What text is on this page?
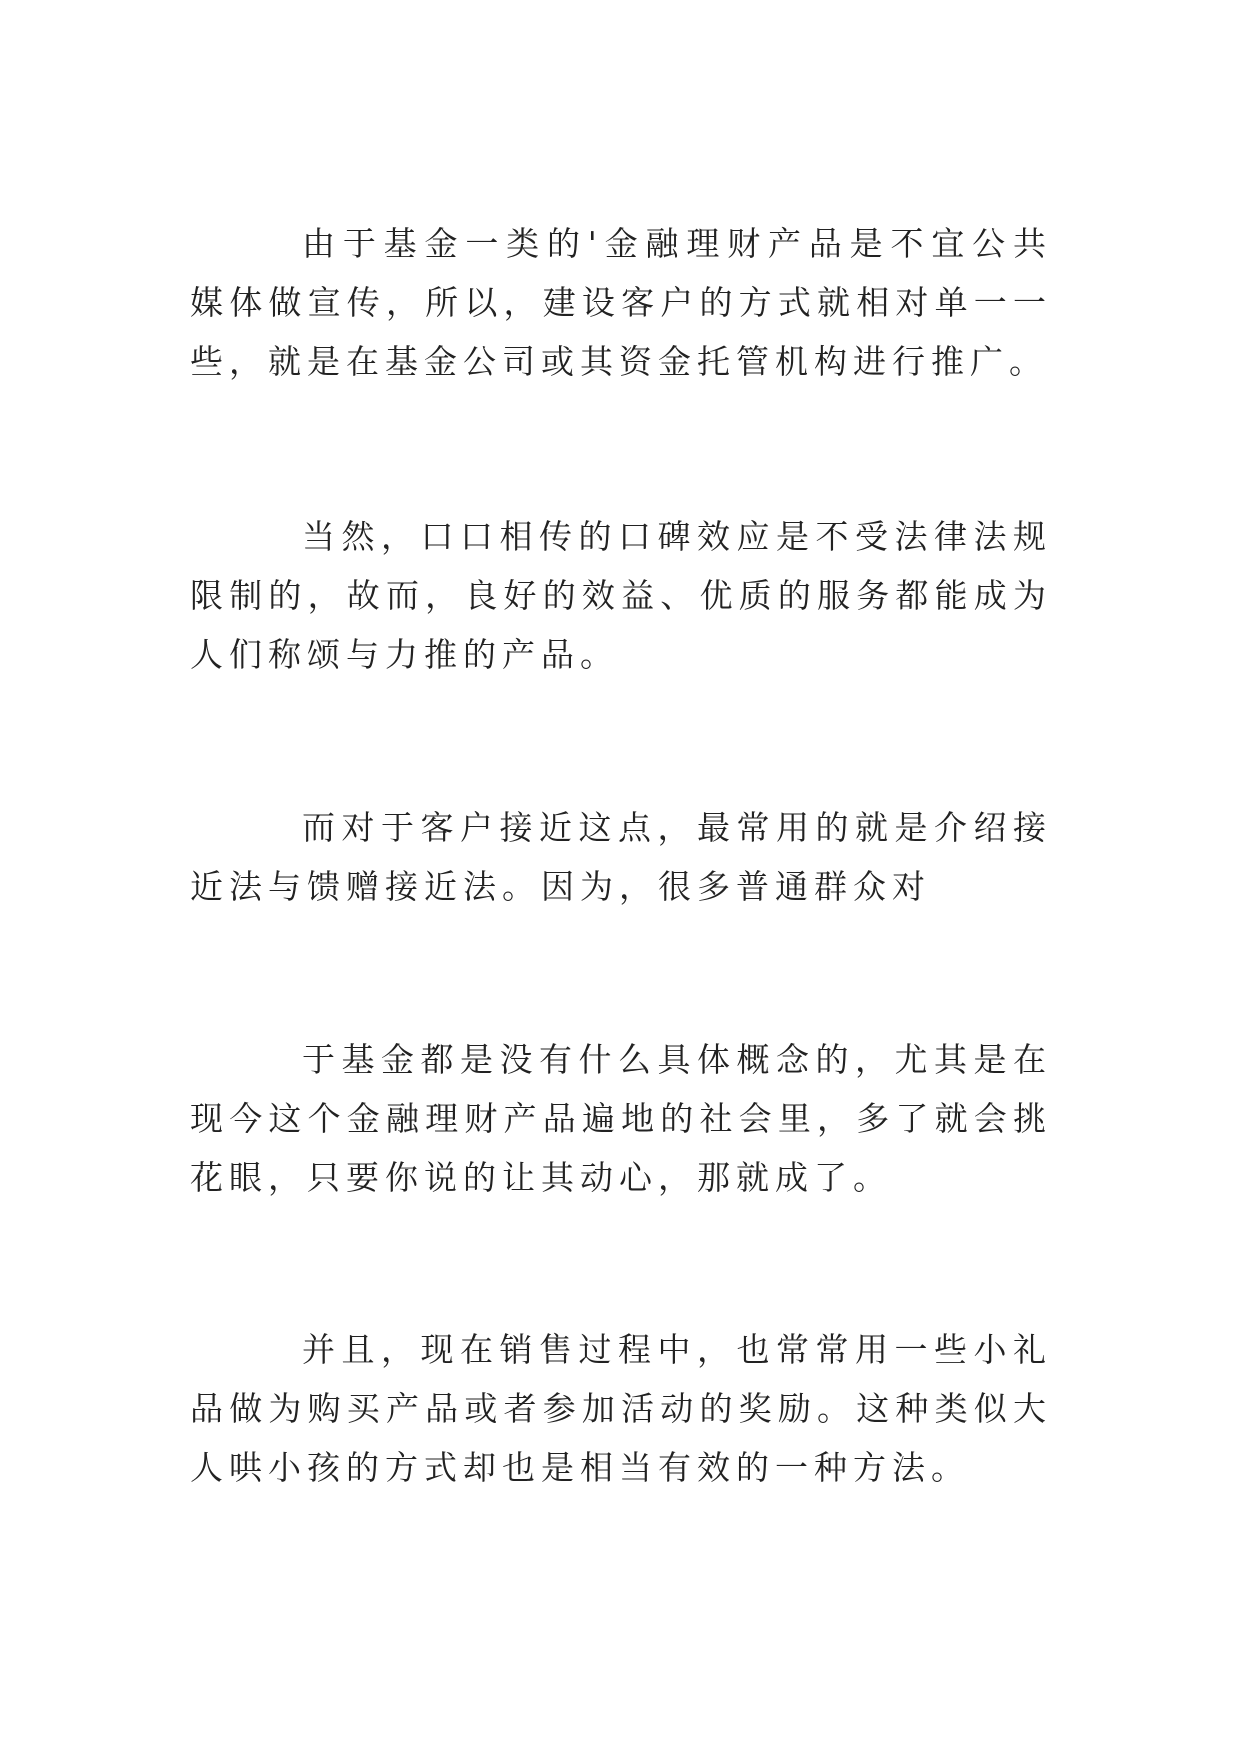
由于基金一类的'金融理财产品是不宜公共媒体做宣传，所以，建设客户的方式就相对单一一些，就是在基金公司或其资金托管机构进行推广。

当然，口口相传的口碑效应是不受法律法规限制的，故而，良好的效益、优质的服务都能成为人们称颂与力推的产品。

而对于客户接近这点，最常用的就是介绍接近法与馈赠接近法。因为，很多普通群众对

于基金都是没有什么具体概念的，尤其是在现今这个金融理财产品遍地的社会里，多了就会挑花眼，只要你说的让其动心，那就成了。

并且，现在销售过程中，也常常用一些小礼品做为购买产品或者参加活动的奖励。这种类似大人哄小孩的方式却也是相当有效的一种方法。
